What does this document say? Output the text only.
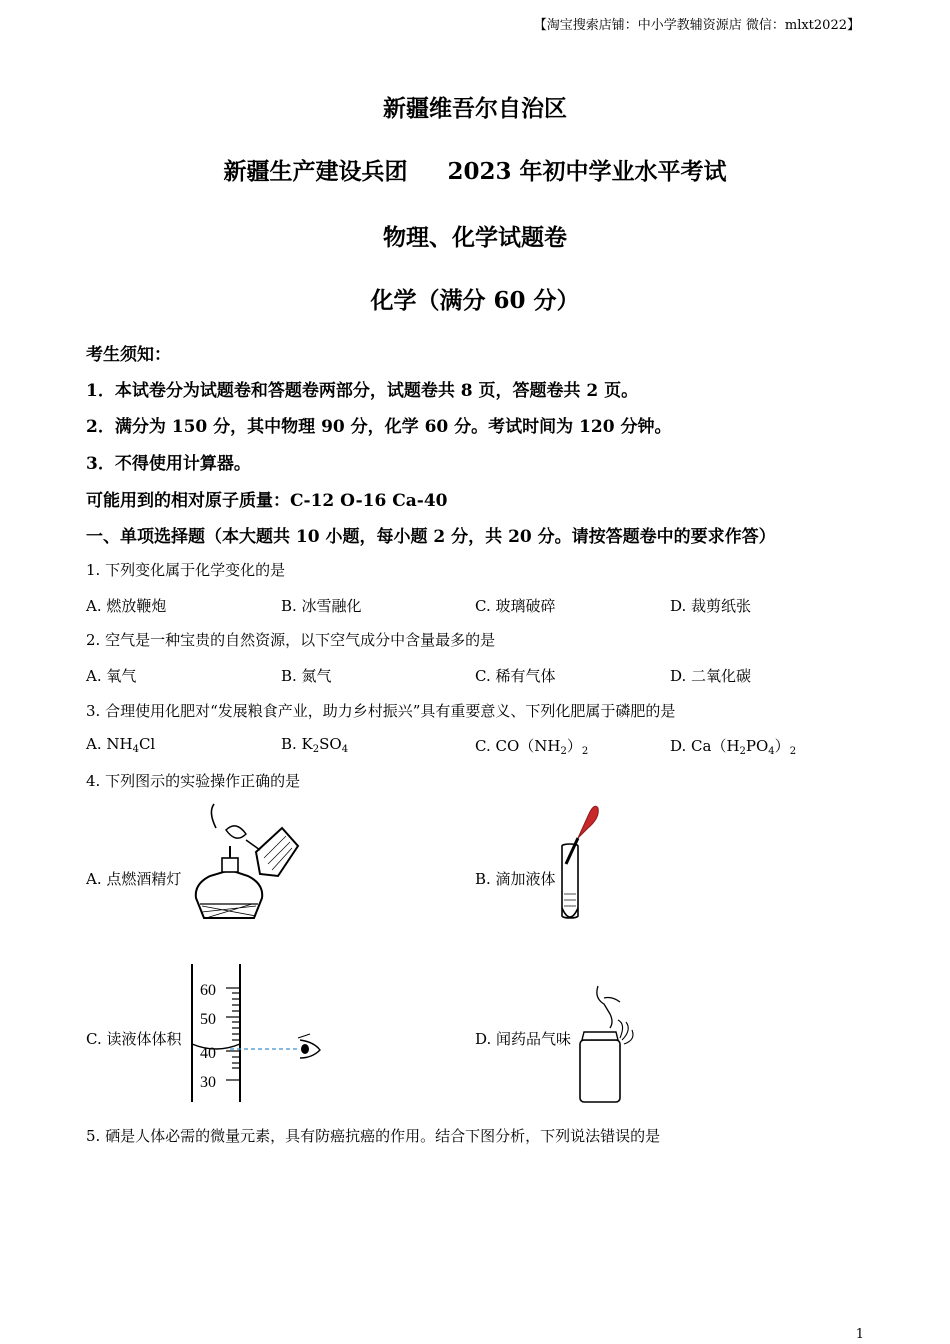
【淘宝搜索店铺：中小学教辅资源店 微信：mlxt2022】
新疆维吾尔自治区
新疆生产建设兵团     2023 年初中学业水平考试
物理、化学试题卷
化学（满分 60 分）
考生须知：
1．本试卷分为试题卷和答题卷两部分，试题卷共 8 页，答题卷共 2 页。
2．满分为 150 分，其中物理 90 分，化学 60 分。考试时间为 120 分钟。
3．不得使用计算器。
可能用到的相对原子质量：C-12 O-16 Ca-40
一、单项选择题（本大题共 10 小题，每小题 2 分，共 20 分。请按答题卷中的要求作答）
1. 下列变化属于化学变化的是
A. 燃放鞭炮	B. 冰雪融化	C. 玻璃破碎	D. 裁剪纸张
2. 空气是一种宝贵的自然资源，以下空气成分中含量最多的是
A. 氧气	B. 氮气	C. 稀有气体	D. 二氧化碳
3. 合理使用化肥对“发展粮食产业，助力乡村振兴”具有重要意义、下列化肥属于磷肥的是
A. $NH_4Cl$	B. $K_2SO_4$	C. $CO(NH_2)_2$	D. $Ca(H_2PO_4)_2$
4. 下列图示的实验操作正确的是
A. 点燃酒精灯	B. 滴加液体
C. 读液体体积
60
50
40
30
D. 闻药品气味
5. 硒是人体必需的微量元素，具有防癌抗癌的作用。结合下图分析，下列说法错误的是
1
